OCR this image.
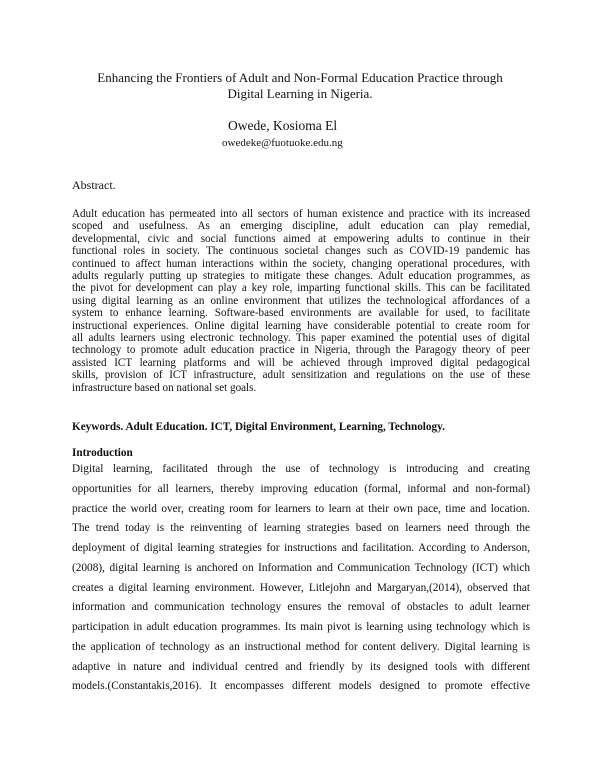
Enhancing the Frontiers of Adult and Non-Formal Education Practice through
Digital Learning in Nigeria.
Owede, Kosioma El
owedeke@fuotuoke.edu.ng
Abstract.
Adult education has permeated into all sectors of human existence and practice with its increased
scoped and usefulness. As an emerging discipline, adult education can play remedial,
developmental, civic and social functions aimed at empowering adults to continue in their
functional roles in society. The continuous societal changes such as COVID-19 pandemic has
continued to affect human interactions within the society, changing operational procedures, with
adults regularly putting up strategies to mitigate these changes. Adult education programmes, as
the pivot for development can play a key role, imparting functional skills. This can be facilitated
using digital learning as an online environment that utilizes the technological affordances of a
system to enhance learning. Software-based environments are available for used, to facilitate
instructional experiences. Online digital learning have considerable potential to create room for
all adults learners using electronic technology. This paper examined the potential uses of digital
technology to promote adult education practice in Nigeria, through the Paragogy theory of peer
assisted ICT learning platforms and will be achieved through improved digital pedagogical
skills, provision of ICT infrastructure, adult sensitization and regulations on the use of these
infrastructure based on national set goals.
Keywords. Adult Education. ICT, Digital Environment, Learning, Technology.
Introduction
Digital learning, facilitated through the use of technology is introducing and creating
opportunities for all learners, thereby improving education (formal, informal and non-formal)
practice the world over, creating room for learners to learn at their own pace, time and location.
The trend today is the reinventing of learning strategies based on learners need through the
deployment of digital learning strategies for instructions and facilitation. According to Anderson,
(2008), digital learning is anchored on Information and Communication Technology (ICT) which
creates a digital learning environment. However, Litlejohn and Margaryan,(2014), observed that
information and communication technology ensures the removal of obstacles to adult learner
participation in adult education programmes. Its main pivot is learning using technology which is
the application of technology as an instructional method for content delivery. Digital learning is
adaptive in nature and individual centred and friendly by its designed tools with different
models.(Constantakis,2016). It encompasses different models designed to promote effective
